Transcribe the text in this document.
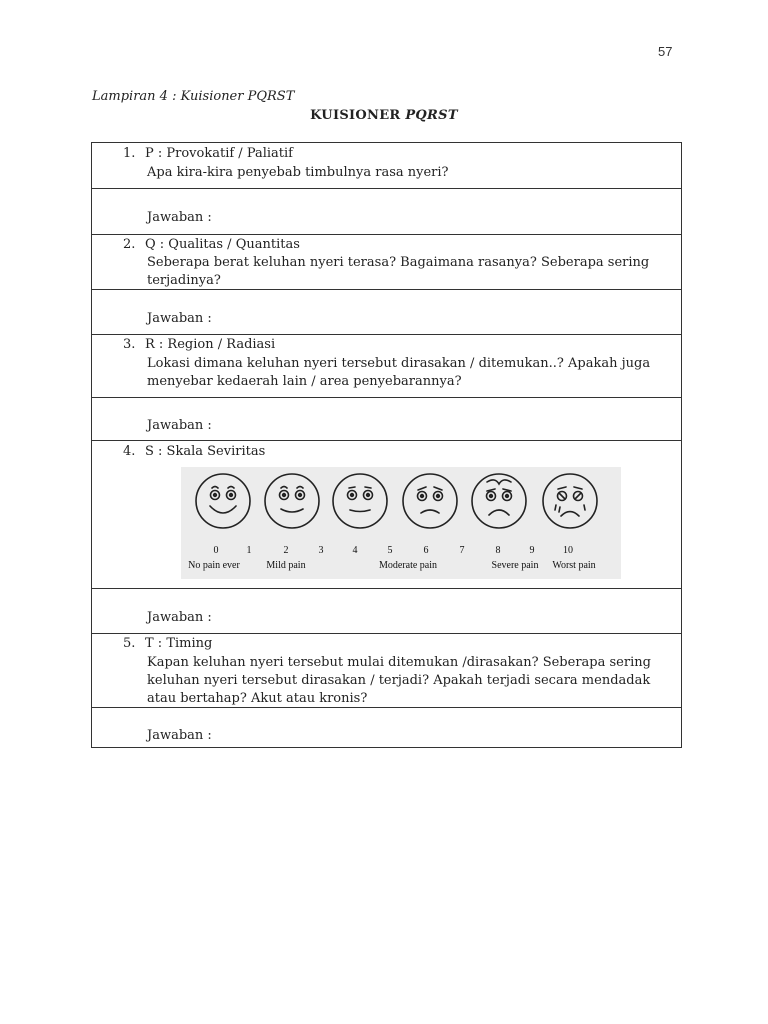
57
Lampiran 4 : Kuisioner PQRST
KUISIONER PQRST
1. P : Provokatif / Paliatif
Apa kira-kira penyebab timbulnya rasa nyeri?
Jawaban :
2. Q : Qualitas / Quantitas
Seberapa berat keluhan nyeri terasa? Bagaimana rasanya? Seberapa sering terjadinya?
Jawaban :
3. R : Region / Radiasi
Lokasi dimana keluhan nyeri tersebut dirasakan / ditemukan..? Apakah juga menyebar kedaerah lain / area penyebarannya?
Jawaban :
4. S : Skala Seviritas
0	1	2	3	4	5	6	7	8	9	10
No pain ever	Mild pain	Moderate pain	Severe pain Worst pain
Jawaban :
5. T : Timing
Kapan keluhan nyeri tersebut mulai ditemukan /dirasakan? Seberapa sering keluhan nyeri tersebut dirasakan / terjadi? Apakah terjadi secara mendadak atau bertahap? Akut atau kronis?
Jawaban :
